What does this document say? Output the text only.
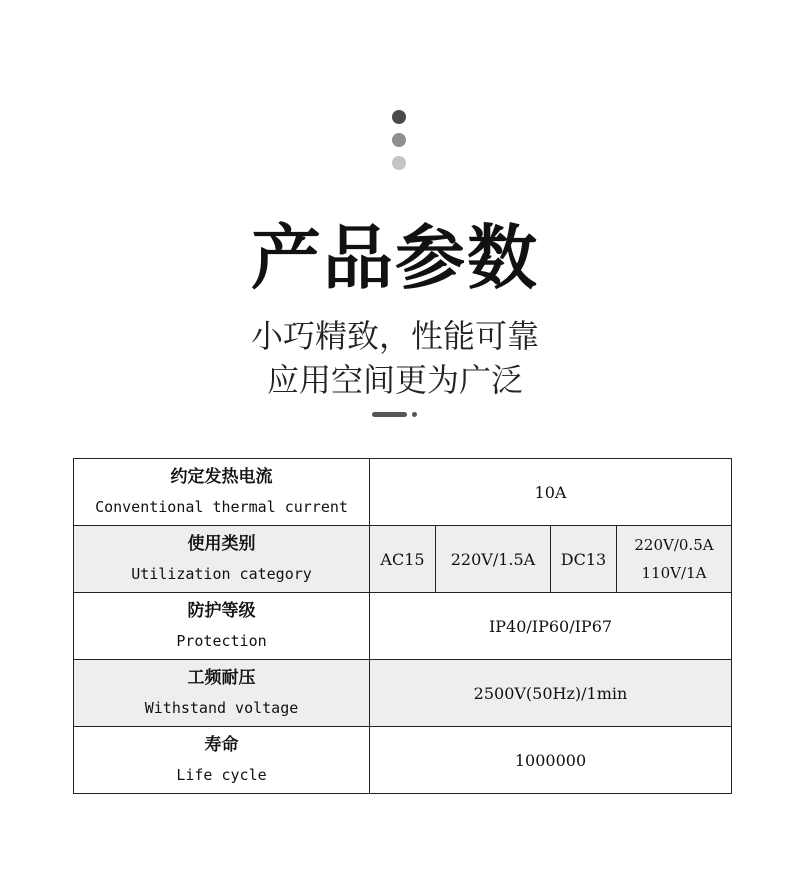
产品参数
小巧精致，性能可靠
应用空间更为广泛
约定发热电流
Conventional thermal current	10A			

使用类别
Utilization category	AC15	220V/1.5A	DC13	220V/0.5A
110V/1A

防护等级
Protection	IP40/IP60/IP67			

工频耐压
Withstand voltage	2500V(50Hz)/1min			

寿命
Life cycle	1000000			
